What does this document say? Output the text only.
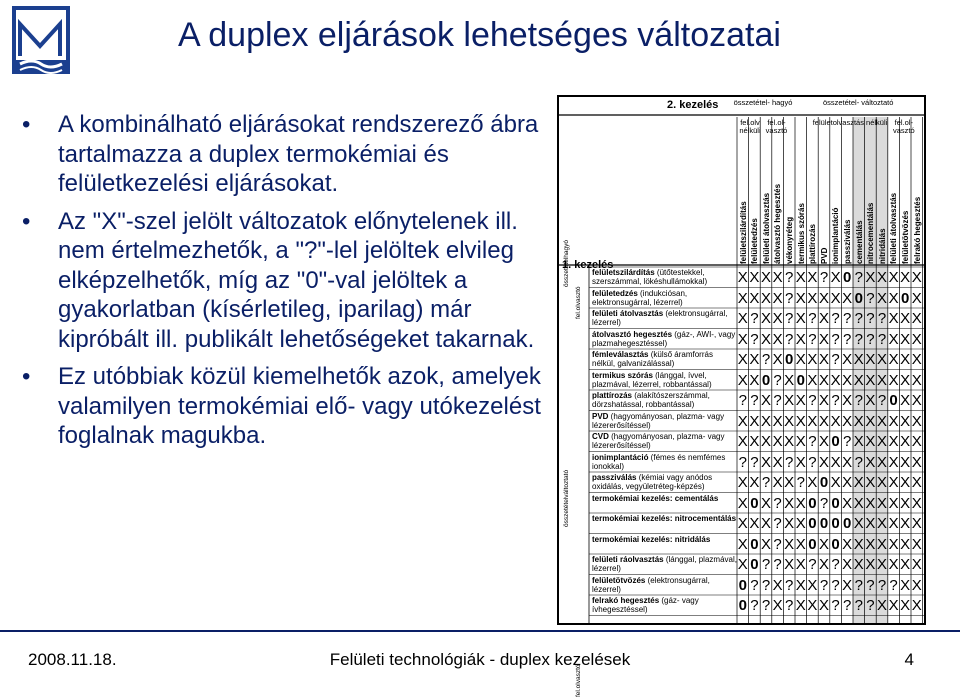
A duplex eljárások lehetséges változatai
• A kombinálható eljárásokat rendszerező ábra tartalmazza a duplex termokémiai és felületkezelési eljárásokat.
• Az "X"-szel jelölt változatok előnytelenek ill. nem értelmezhetők, a "?"-lel jelöltek elvileg elképzelhetők, míg az "0"-val jelöltek a gyakorlatban (kísérletileg, iparilag) már kipróbált ill. publikált lehetőségeket takarnak.
• Ez utóbbiak közül kiemelhetők azok, amelyek valamilyen termokémiai elő- vagy utókezelést foglalnak magukba.
2. kezelés
1. kezelés
felületszilárdítás felületedzés felületi átolvasztás átolvasztó hegesztés vékonyréteg termikus szórás plattírozás PVD ionimplantáció passziválás cementálás nitrocementálás nitridálás felületi átolvasztás felületötvözés felrakó hegesztés
összetétel- hagyó	összetétel- változtató
fel.olv nélküli
fel.ol- vasztó
felületolvasztás nélküli fel.ol- vasztó
összetételhagyó
fel.olvasztó
összetételváltoztató
fel.olvasztó
felületszilárdítás (ütőtestekkel, szerszámmal, lökéshullámokkal)	X X X X ? X X ? X 0 ? X X X X X
felületedzés (indukciósan, elektronsugárral, lézerrel)	X X X X ? X X X X X 0 ? X X 0 X
felületi átolvasztás (elektronsugárral, lézerrel)	X ? X X ? X ? X ? ? ? ? ? X X X
átolvasztó hegesztés (gáz-, AWI-, vagy plazmahegesztéssel)	X ? X X ? X ? X ? ? ? ? ? X X X
fémleválasztás (külső áramforrás nélkül, galvanizálással)	X X ? X 0 X X X ? X X X X X X X
termikus szórás (lánggal, ívvel, plazmával, lézerrel, robbantással)	X X 0 ? X 0 X X X X X X X X X X
plattírozás (alakítószerszámmal, dörzshatással, robbantással)	? ? X ? X X ? X ? X ? X ? 0 X X
PVD (hagyományosan, plazma- vagy lézererősítéssel)	X X X X X X X X X X X X X X X X
CVD (hagyományosan, plazma- vagy lézererősítéssel)	X X X X X X ? X 0 ? X X X X X X
ionimplantáció (fémes és nemfémes ionokkal)	? ? X X ? X ? X X X ? X X X X X
passziválás (kémiai vagy anódos oxidálás, vegyületréteg-képzés)	X X ? X X ? X 0 X X X X X X X X
termokémiai kezelés: cementálás	X 0 X ? X X 0 ? 0 X X X X X X X
termokémiai kezelés: nitrocementálás X X X ? X X 0 0 0 0 X X X X X X
termokémiai kezelés: nitridálás	X 0 X ? X X 0 X 0 X X X X X X X
felületi ráolvasztás (lánggal, plazmával, lézerrel)	X 0 ? ? X X ? X ? X X X X X X X
felületötvözés (elektronsugárral, lézerrel)	0 ? ? X ? X X ? ? X ? ? ? ? X X
felrakó hegesztés (gáz- vagy ívhegesztéssel)	0 ? ? X ? X X X ? ? ? ? X X X X
2008.11.18.	Felületi technológiák - duplex kezelések	4
